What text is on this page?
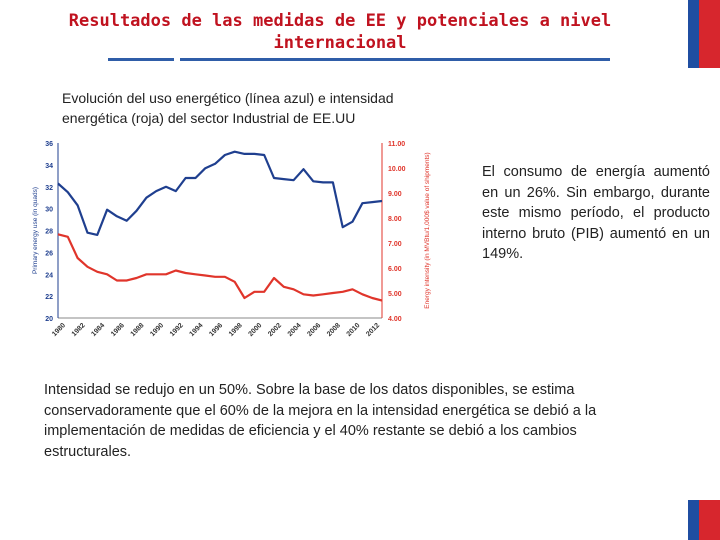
Resultados de las medidas de EE y potenciales a nivel
internacional
Evolución del uso energético (línea azul) e intensidad
energética (roja) del sector Industrial de EE.UU
20
22
24
26
28
30
32
34
36
4.00
5.00
6.00
7.00
8.00
9.00
10.00
11.00
1980 1982 1984 1986 1988 1990 1992 1994 1996 1998 2000 2002 2004 2006 2008 2010 2012
Primary energy use (in quads)	Energy intensity (in MVBtu/1,000$ value of shipments)	El consumo de energía aumentó en un 26%. Sin embargo, durante este mismo período, el producto interno bruto (PIB) aumentó en un 149%.
Intensidad se redujo en un 50%. Sobre la base de los datos disponibles, se estima conservadoramente que el 60% de la mejora en la intensidad energética se debió a la implementación de medidas de eficiencia y el 40% restante se debió a los cambios estructurales.
